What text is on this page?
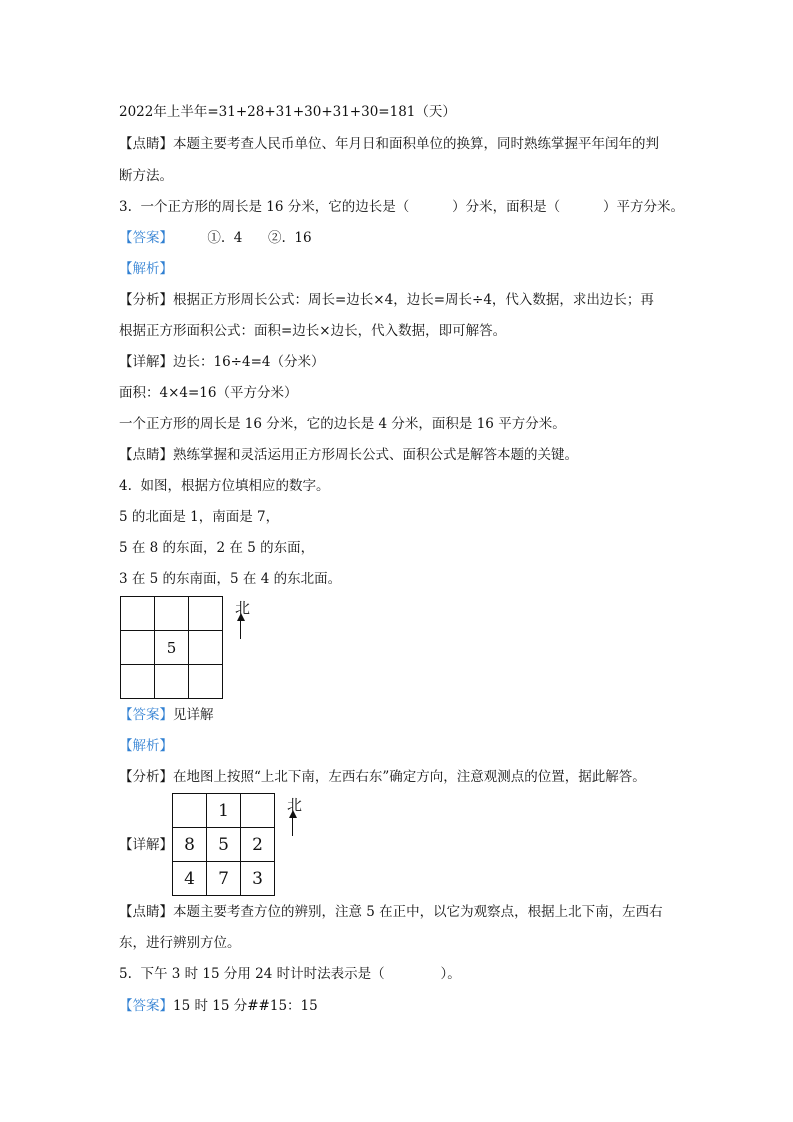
2022年上半年=31+28+31+30+31+30=181（天）
【点睛】本题主要考查人民币单位、年月日和面积单位的换算，同时熟练掌握平年闰年的判
断方法。
3.  一个正方形的周长是 16 分米，它的边长是（          ）分米，面积是（          ）平方分米。
【答案】        ①.  4      ②.  16
【解析】
【分析】根据正方形周长公式：周长=边长×4，边长=周长÷4，代入数据，求出边长；再
根据正方形面积公式：面积=边长×边长，代入数据，即可解答。
【详解】边长：16÷4=4（分米）
面积：4×4=16（平方分米）
一个正方形的周长是 16 分米，它的边长是 4 分米，面积是 16 平方分米。
【点睛】熟练掌握和灵活运用正方形周长公式、面积公式是解答本题的关键。
4.  如图，根据方位填相应的数字。
5 的北面是 1，南面是 7，
5 在 8 的东面，2 在 5 的东面，
3 在 5 的东南面，5 在 4 的东北面。

	5	

北
【答案】见详解
【解析】
【分析】在地图上按照“上北下南，左西右东”确定方向，注意观测点的位置，据此解答。
【详解】
	1	
8	5	2
4	7	3
北
【点睛】本题主要考查方位的辨别，注意 5 在正中，以它为观察点，根据上北下南，左西右
东，进行辨别方位。
5.  下午 3 时 15 分用 24 时计时法表示是（             ）。
【答案】15 时 15 分##15：15
